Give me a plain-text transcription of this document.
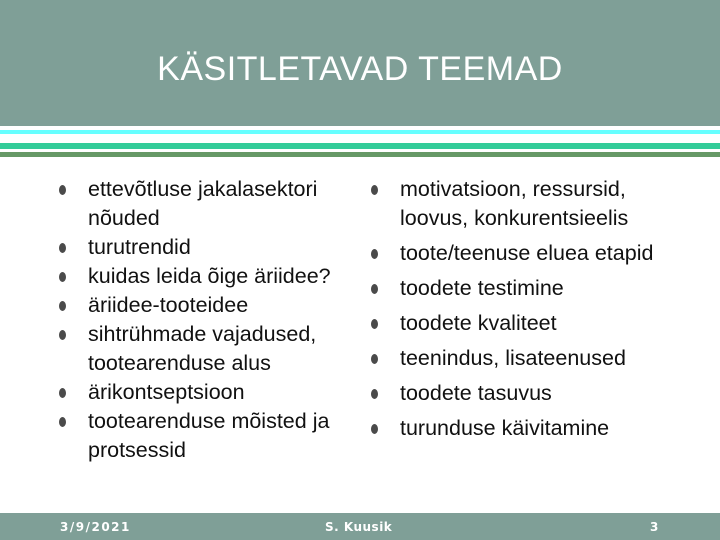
KÄSITLETAVAD TEEMAD
ettevõtluse jakalasektori nõuded
turutrendid
kuidas leida õige äriidee?
äriidee-tooteidee
sihtrühmade vajadused, tootearenduse alus
ärikontseptsioon
tootearenduse mõisted ja protsessid
motivatsioon, ressursid, loovus, konkurentsieelis
toote/teenuse eluea etapid
toodete testimine
toodete kvaliteet
teenindus, lisateenused
toodete tasuvus
turunduse käivitamine
3/9/2021	S. Kuusik	3
